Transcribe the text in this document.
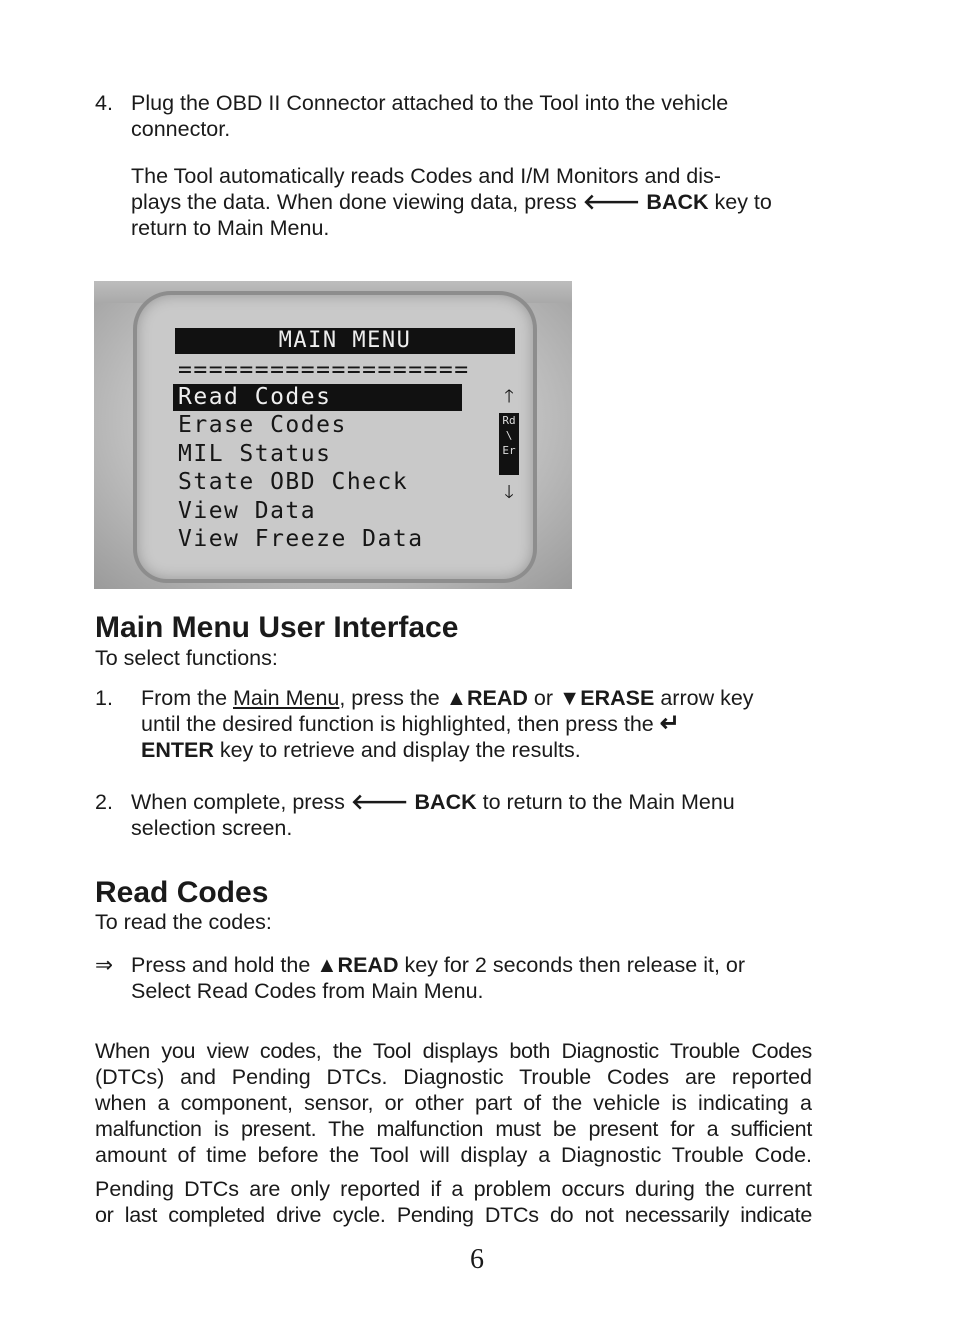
4. Plug the OBD II Connector attached to the Tool into the vehicle

connector.

The Tool automatically reads Codes and I/M Monitors and dis-

plays the data. When done viewing data, press 🡐 BACK key to

return to Main Menu.

MAIN MENU
===================
Read Codes
Erase Codes
MIL Status
State OBD Check
View Data
View Freeze Data
🡑
Rd
\
Er
🡓
Main Menu User Interface

To select functions:

1. From the Main Menu, press the ▲READ or ▼ERASE arrow key

until the desired function is highlighted, then press the ↵

ENTER key to retrieve and display the results.

2. When complete, press 🡐 BACK to return to the Main Menu

selection screen.

Read Codes

To read the codes:

⇒ Press and hold the ▲READ key for 2 seconds then release it, or

Select Read Codes from Main Menu.

When you view codes, the Tool displays both Diagnostic Trouble Codes

(DTCs) and Pending DTCs. Diagnostic Trouble Codes are reported

when a component, sensor, or other part of the vehicle is indicating a

malfunction is present. The malfunction must be present for a sufficient

amount of time before the Tool will display a Diagnostic Trouble Code.

Pending DTCs are only reported if a problem occurs during the current

or last completed drive cycle. Pending DTCs do not necessarily indicate

6
